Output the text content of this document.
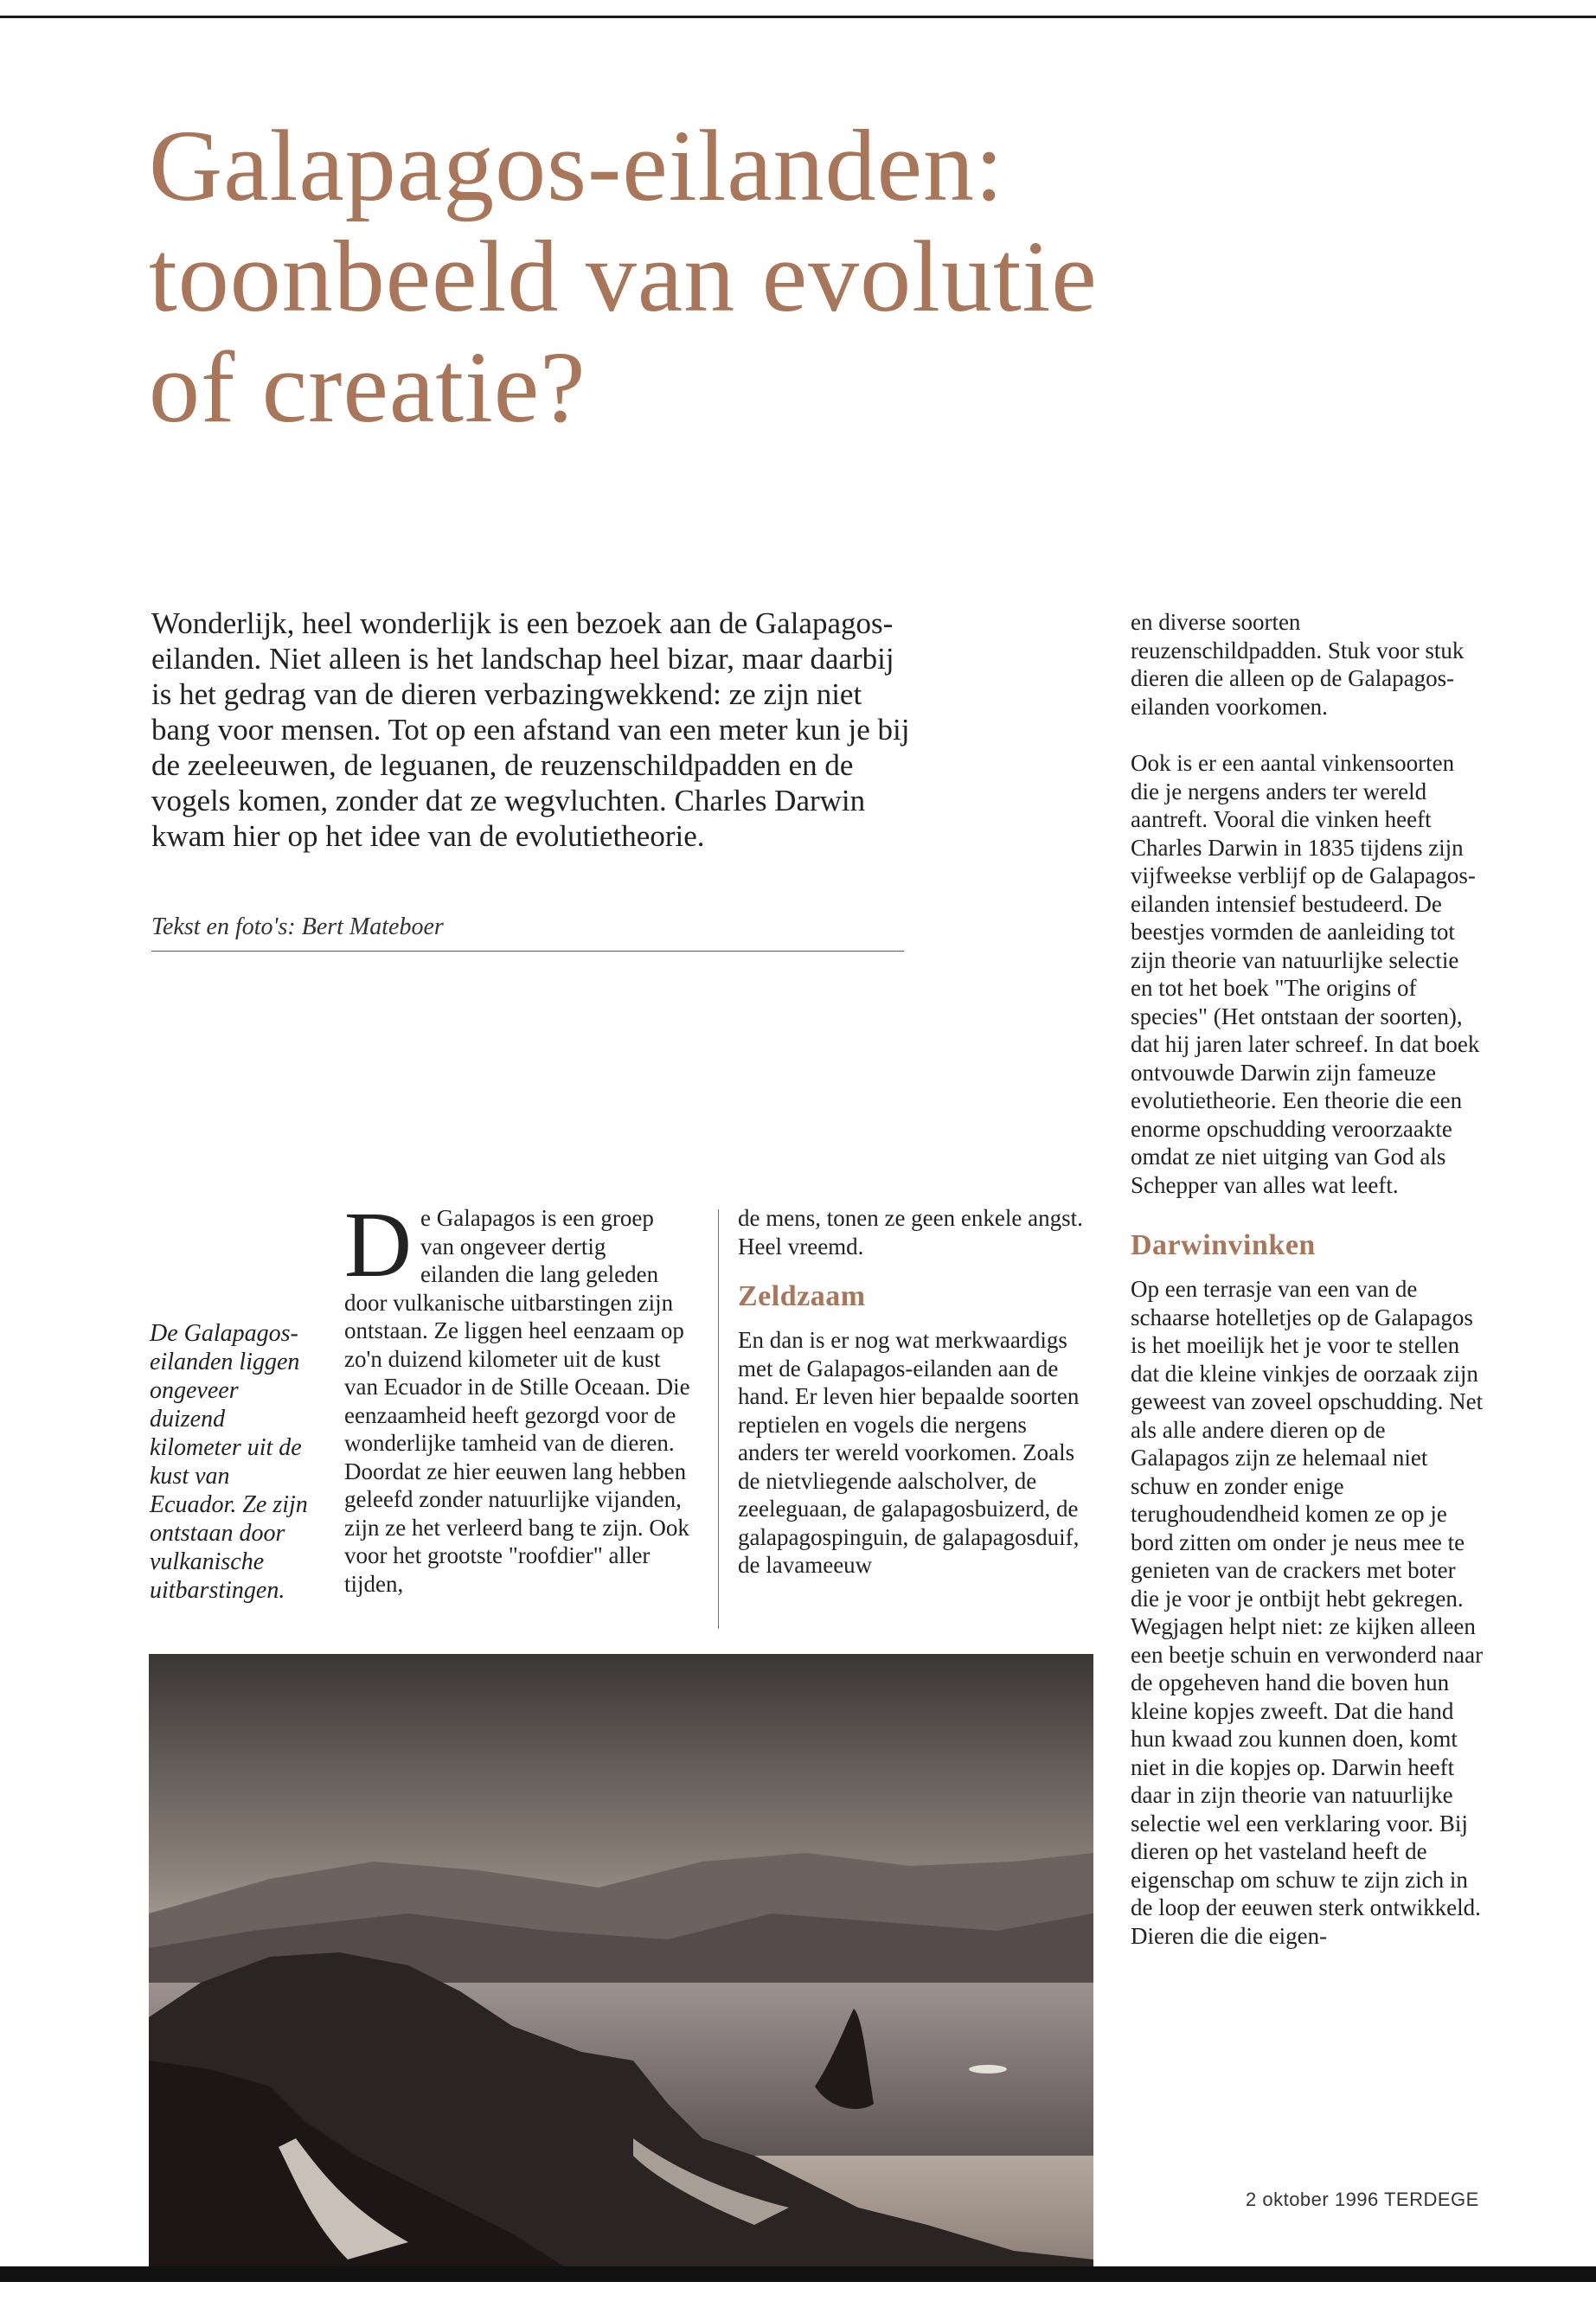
Galapagos-eilanden:
toonbeeld van evolutie
of creatie?

Wonderlijk, heel wonderlijk is een bezoek aan de Galapagos-eilanden. Niet alleen is het landschap heel bizar, maar daarbij is het gedrag van de dieren verbazingwekkend: ze zijn niet bang voor mensen. Tot op een afstand van een meter kun je bij de zeeleeuwen, de leguanen, de reuzenschildpadden en de vogels komen, zonder dat ze wegvluchten. Charles Darwin kwam hier op het idee van de evolutietheorie.

Tekst en foto's: Bert Mateboer

De Galapagos-eilanden liggen ongeveer duizend kilometer uit de kust van Ecuador. Ze zijn ontstaan door vulkanische uitbarstingen.

De Galapagos is een groep van ongeveer dertig eilanden die lang geleden door vulkanische uitbarstingen zijn ontstaan. Ze liggen heel eenzaam op zo'n duizend kilometer uit de kust van Ecuador in de Stille Oceaan. Die eenzaamheid heeft gezorgd voor de wonderlijke tamheid van de dieren. Doordat ze hier eeuwen lang hebben geleefd zonder natuurlijke vijanden, zijn ze het verleerd bang te zijn. Ook voor het grootste "roofdier" aller tijden,

de mens, tonen ze geen enkele angst. Heel vreemd.

Zeldzaam

En dan is er nog wat merkwaardigs met de Galapagos-eilanden aan de hand. Er leven hier bepaalde soorten reptielen en vogels die nergens anders ter wereld voorkomen. Zoals de nietvliegende aalscholver, de zeeleguaan, de galapagosbuizerd, de galapagospinguin, de galapagosduif, de lavameeuw

en diverse soorten reuzenschildpadden. Stuk voor stuk dieren die alleen op de Galapagos-eilanden voorkomen.

Ook is er een aantal vinkensoorten die je nergens anders ter wereld aantreft. Vooral die vinken heeft Charles Darwin in 1835 tijdens zijn vijfweekse verblijf op de Galapagos-eilanden intensief bestudeerd. De beestjes vormden de aanleiding tot zijn theorie van natuurlijke selectie en tot het boek "The origins of species" (Het ontstaan der soorten), dat hij jaren later schreef. In dat boek ontvouwde Darwin zijn fameuze evolutietheorie. Een theorie die een enorme opschudding veroorzaakte omdat ze niet uitging van God als Schepper van alles wat leeft.

Darwinvinken

Op een terrasje van een van de schaarse hotelletjes op de Galapagos is het moeilijk het je voor te stellen dat die kleine vinkjes de oorzaak zijn geweest van zoveel opschudding. Net als alle andere dieren op de Galapagos zijn ze helemaal niet schuw en zonder enige terughoudendheid komen ze op je bord zitten om onder je neus mee te genieten van de crackers met boter die je voor je ontbijt hebt gekregen. Wegjagen helpt niet: ze kijken alleen een beetje schuin en verwonderd naar de opgeheven hand die boven hun kleine kopjes zweeft. Dat die hand hun kwaad zou kunnen doen, komt niet in die kopjes op. Darwin heeft daar in zijn theorie van natuurlijke selectie wel een verklaring voor. Bij dieren op het vasteland heeft de eigenschap om schuw te zijn zich in de loop der eeuwen sterk ontwikkeld. Dieren die die eigen-

2 oktober 1996 TERDEGE
